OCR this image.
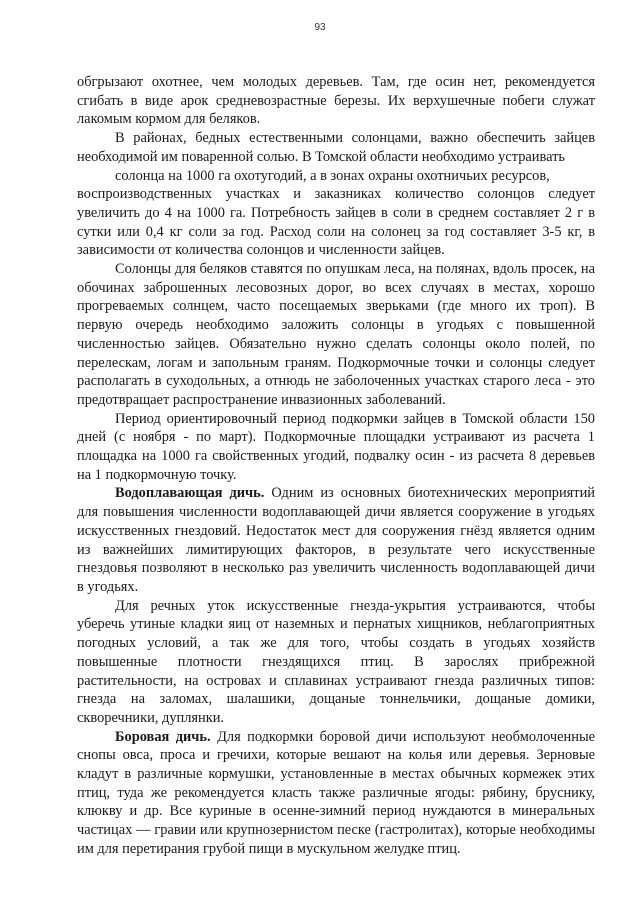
93

обгрызают охотнее, чем молодых деревьев. Там, где осин нет, рекомендуется сгибать в виде арок средневозрастные березы. Их верхушечные побеги служат лакомым кормом для беляков.

В районах, бедных естественными солонцами, важно обеспечить зайцев необходимой им поваренной солью. В Томской области необходимо устраивать

солонца на 1000 га охотугодий, а в зонах охраны охотничьих ресурсов,

воспроизводственных участках и заказниках количество солонцов следует увеличить до 4 на 1000 га. Потребность зайцев в соли в среднем составляет 2 г в сутки или 0,4 кг соли за год. Расход соли на солонец за год составляет 3-5 кг, в зависимости от количества солонцов и численности зайцев.

Солонцы для беляков ставятся по опушкам леса, на полянах, вдоль просек, на обочинах заброшенных лесовозных дорог, во всех случаях в местах, хорошо прогреваемых солнцем, часто посещаемых зверьками (где много их троп). В первую очередь необходимо заложить солонцы в угодьях с повышенной численностью зайцев. Обязательно нужно сделать солонцы около полей, по перелескам, логам и запольным граням. Подкормочные точки и солонцы следует располагать в суходольных, а отнюдь не заболоченных участках старого леса - это предотвращает распространение инвазионных заболеваний.

Период ориентировочный период подкормки зайцев в Томской области 150 дней (с ноября - по март). Подкормочные площадки устраивают из расчета 1 площадка на 1000 га свойственных угодий, подвалку осин - из расчета 8 деревьев на 1 подкормочную точку.

Водоплавающая дичь. Одним из основных биотехнических мероприятий для повышения численности водоплавающей дичи является сооружение в угодьях искусственных гнездовий. Недостаток мест для сооружения гнёзд является одним из важнейших лимитирующих факторов, в результате чего искусственные гнездовья позволяют в несколько раз увеличить численность водоплавающей дичи в угодьях.

Для речных уток искусственные гнезда-укрытия устраиваются, чтобы уберечь утиные кладки яиц от наземных и пернатых хищников, неблагоприятных погодных условий, а так же для того, чтобы создать в угодьях хозяйств повышенные плотности гнездящихся птиц. В зарослях прибрежной растительности, на островах и сплавинах устраивают гнезда различных типов: гнезда на заломах, шалашики, дощаные тоннельчики, дощаные домики, скворечники, дуплянки.

Боровая дичь. Для подкормки боровой дичи используют необмолоченные снопы овса, проса и гречихи, которые вешают на колья или деревья. Зерновые кладут в различные кормушки, установленные в местах обычных кормежек этих птиц, туда же рекомендуется класть также различные ягоды: рябину, бруснику, клюкву и др. Все куриные в осенне-зимний период нуждаются в минеральных частицах — гравии или крупнозернистом песке (гастролитах), которые необходимы им для перетирания грубой пищи в мускульном желудке птиц.
